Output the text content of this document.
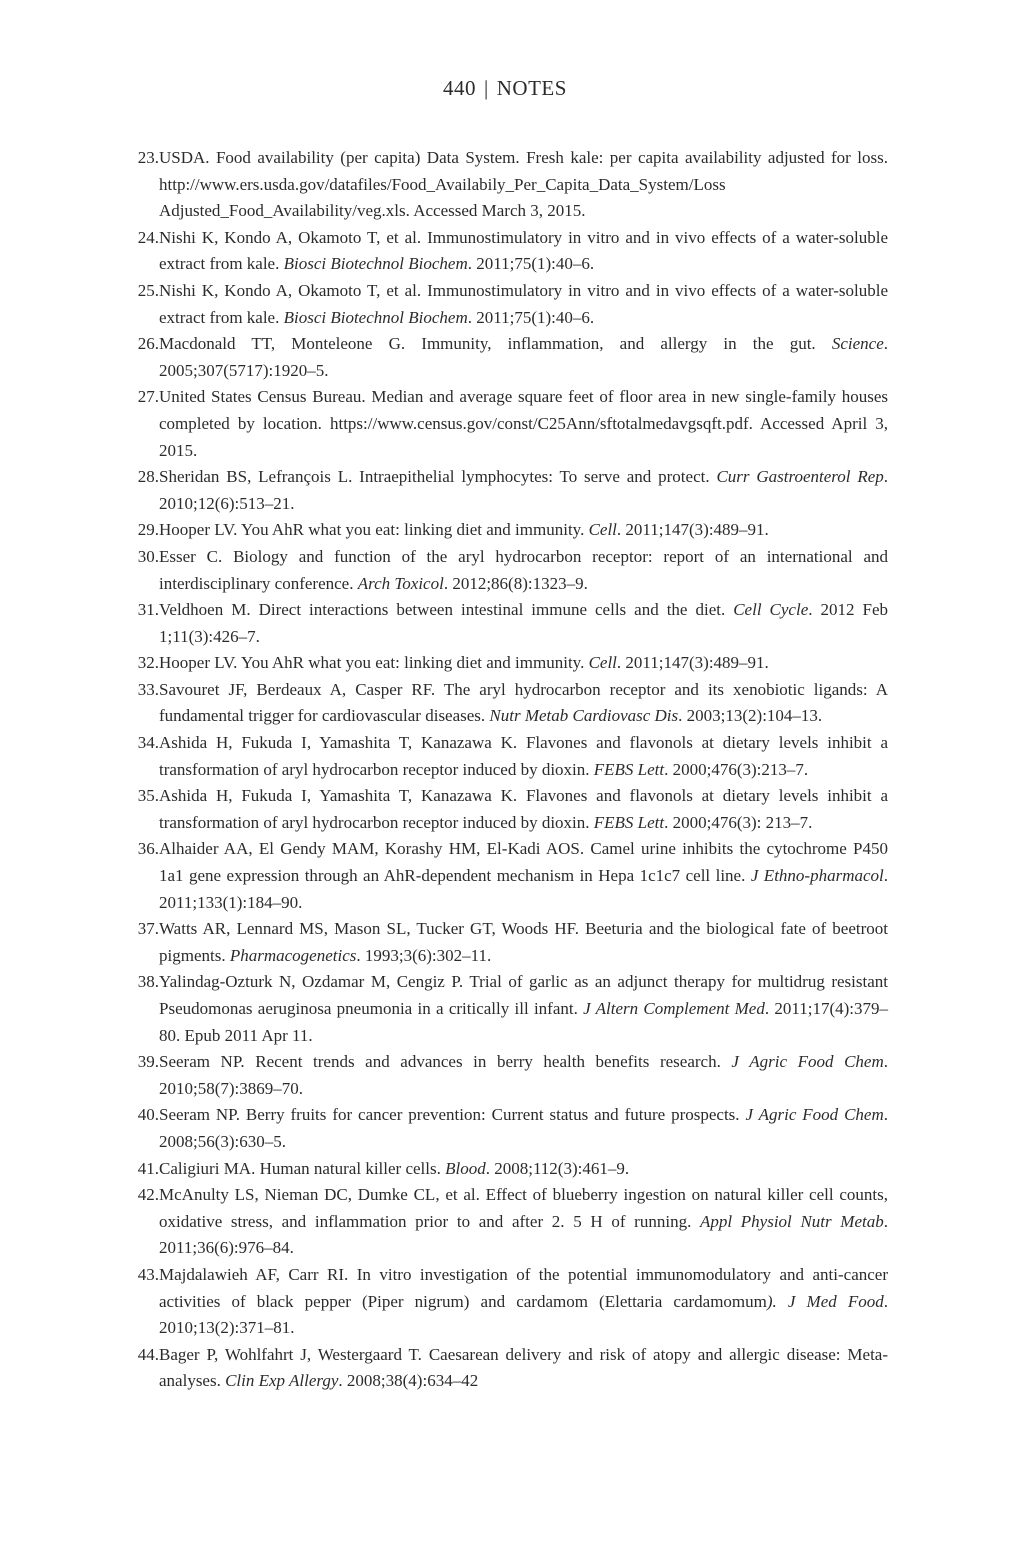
440 | NOTES
23. USDA. Food availability (per capita) Data System. Fresh kale: per capita availability adjusted for loss. http://www.ers.usda.gov/datafiles/Food_Availabily_Per_Capita_Data_System/Loss Adjusted_Food_Availability/veg.xls. Accessed March 3, 2015.
24. Nishi K, Kondo A, Okamoto T, et al. Immunostimulatory in vitro and in vivo effects of a water-soluble extract from kale. Biosci Biotechnol Biochem. 2011;75(1):40–6.
25. Nishi K, Kondo A, Okamoto T, et al. Immunostimulatory in vitro and in vivo effects of a water-soluble extract from kale. Biosci Biotechnol Biochem. 2011;75(1):40–6.
26. Macdonald TT, Monteleone G. Immunity, inflammation, and allergy in the gut. Science. 2005;307(5717):1920–5.
27. United States Census Bureau. Median and average square feet of floor area in new single-family houses completed by location. https://www.census.gov/const/C25Ann/sftotalmedavgsqft.pdf. Accessed April 3, 2015.
28. Sheridan BS, Lefrançois L. Intraepithelial lymphocytes: To serve and protect. Curr Gastroenterol Rep. 2010;12(6):513–21.
29. Hooper LV. You AhR what you eat: linking diet and immunity. Cell. 2011;147(3):489–91.
30. Esser C. Biology and function of the aryl hydrocarbon receptor: report of an international and interdisciplinary conference. Arch Toxicol. 2012;86(8):1323–9.
31. Veldhoen M. Direct interactions between intestinal immune cells and the diet. Cell Cycle. 2012 Feb 1;11(3):426–7.
32. Hooper LV. You AhR what you eat: linking diet and immunity. Cell. 2011;147(3):489–91.
33. Savouret JF, Berdeaux A, Casper RF. The aryl hydrocarbon receptor and its xenobiotic ligands: A fundamental trigger for cardiovascular diseases. Nutr Metab Cardiovasc Dis. 2003;13(2):104–13.
34. Ashida H, Fukuda I, Yamashita T, Kanazawa K. Flavones and flavonols at dietary levels inhibit a transformation of aryl hydrocarbon receptor induced by dioxin. FEBS Lett. 2000;476(3):213–7.
35. Ashida H, Fukuda I, Yamashita T, Kanazawa K. Flavones and flavonols at dietary levels inhibit a transformation of aryl hydrocarbon receptor induced by dioxin. FEBS Lett. 2000;476(3): 213–7.
36. Alhaider AA, El Gendy MAM, Korashy HM, El-Kadi AOS. Camel urine inhibits the cytochrome P450 1a1 gene expression through an AhR-dependent mechanism in Hepa 1c1c7 cell line. J Ethno-pharmacol. 2011;133(1):184–90.
37. Watts AR, Lennard MS, Mason SL, Tucker GT, Woods HF. Beeturia and the biological fate of beetroot pigments. Pharmacogenetics. 1993;3(6):302–11.
38. Yalindag-Ozturk N, Ozdamar M, Cengiz P. Trial of garlic as an adjunct therapy for multidrug resistant Pseudomonas aeruginosa pneumonia in a critically ill infant. J Altern Complement Med. 2011;17(4):379–80. Epub 2011 Apr 11.
39. Seeram NP. Recent trends and advances in berry health benefits research. J Agric Food Chem. 2010;58(7):3869–70.
40. Seeram NP. Berry fruits for cancer prevention: Current status and future prospects. J Agric Food Chem. 2008;56(3):630–5.
41. Caligiuri MA. Human natural killer cells. Blood. 2008;112(3):461–9.
42. McAnulty LS, Nieman DC, Dumke CL, et al. Effect of blueberry ingestion on natural killer cell counts, oxidative stress, and inflammation prior to and after 2. 5 H of running. Appl Physiol Nutr Metab. 2011;36(6):976–84.
43. Majdalawieh AF, Carr RI. In vitro investigation of the potential immunomodulatory and anti-cancer activities of black pepper (Piper nigrum) and cardamom (Elettaria cardamomum). J Med Food. 2010;13(2):371–81.
44. Bager P, Wohlfahrt J, Westergaard T. Caesarean delivery and risk of atopy and allergic disease: Meta-analyses. Clin Exp Allergy. 2008;38(4):634–42
